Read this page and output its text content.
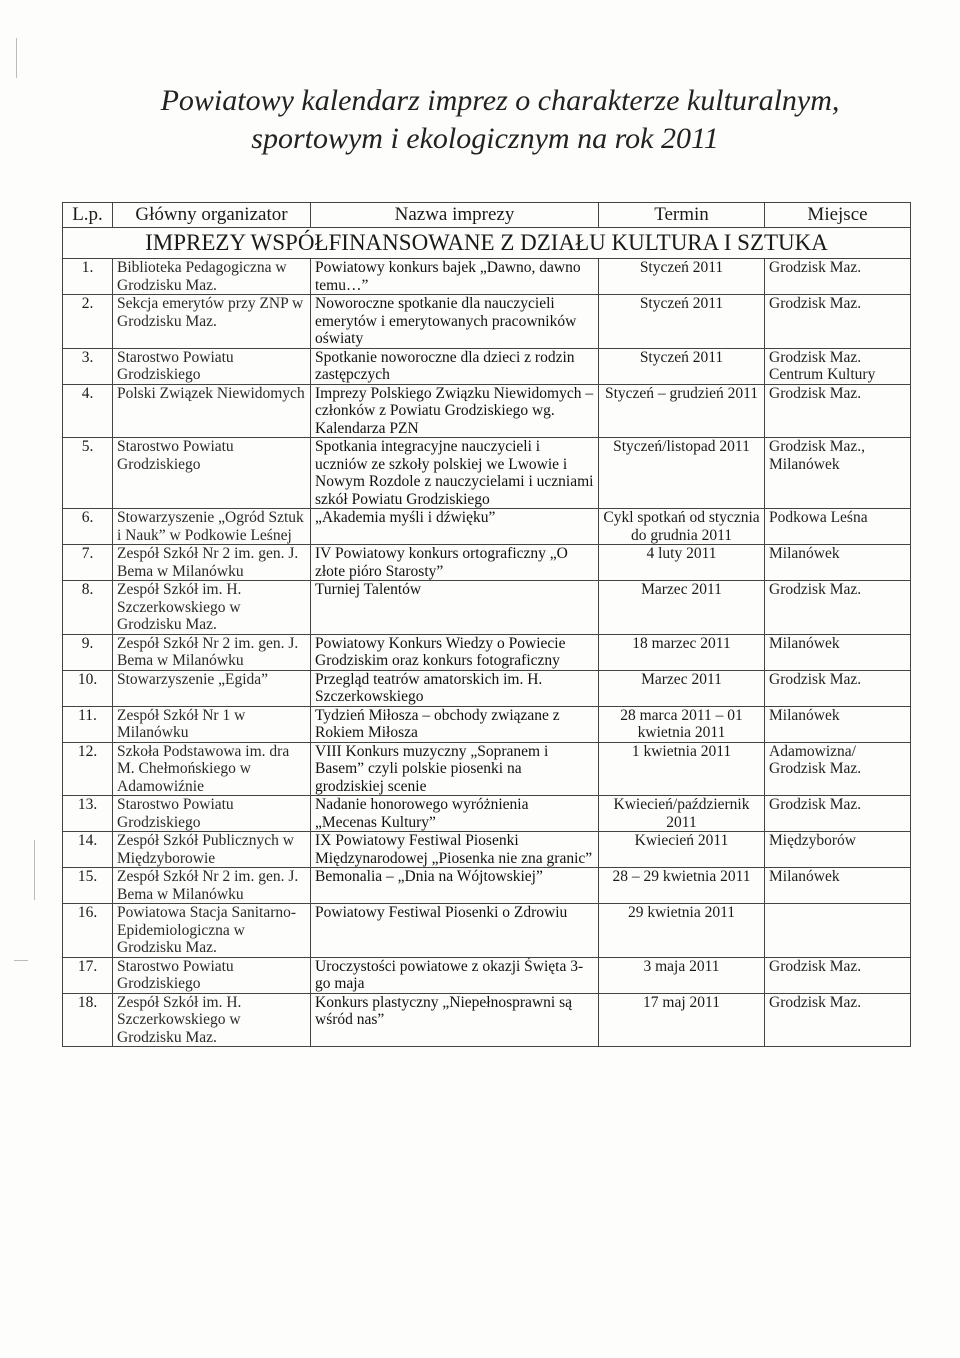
Powiatowy kalendarz imprez o charakterze kulturalnym,
sportowym i ekologicznym na rok 2011
L.p.	Główny organizator	Nazwa imprezy	Termin	Miejsce
IMPREZY WSPÓŁFINANSOWANE Z DZIAŁU KULTURA I SZTUKA				
1.	Biblioteka Pedagogiczna w Grodzisku Maz.	Powiatowy konkurs bajek „Dawno, dawno temu…”	Styczeń 2011	Grodzisk Maz.
2.	Sekcja emerytów przy ZNP w Grodzisku Maz.	Noworoczne spotkanie dla nauczycieli emerytów i emerytowanych pracowników oświaty	Styczeń 2011	Grodzisk Maz.
3.	Starostwo Powiatu Grodziskiego	Spotkanie noworoczne dla dzieci z rodzin zastępczych	Styczeń 2011	Grodzisk Maz. Centrum Kultury
4.	Polski Związek Niewidomych	Imprezy Polskiego Związku Niewidomych – członków z Powiatu Grodziskiego wg. Kalendarza PZN	Styczeń – grudzień 2011	Grodzisk Maz.
5.	Starostwo Powiatu Grodziskiego	Spotkania integracyjne nauczycieli i uczniów ze szkoły polskiej we Lwowie i Nowym Rozdole z nauczycielami i uczniami szkół Powiatu Grodziskiego	Styczeń/listopad 2011	Grodzisk Maz., Milanówek
6.	Stowarzyszenie „Ogród Sztuk i Nauk” w Podkowie Leśnej	„Akademia myśli i dźwięku”	Cykl spotkań od stycznia do grudnia 2011	Podkowa Leśna
7.	Zespół Szkół Nr 2 im. gen. J. Bema w Milanówku	IV Powiatowy konkurs ortograficzny „O złote pióro Starosty”	4 luty 2011	Milanówek
8.	Zespół Szkół im. H. Szczerkowskiego w Grodzisku Maz.	Turniej Talentów	Marzec 2011	Grodzisk Maz.
9.	Zespół Szkół Nr 2 im. gen. J. Bema w Milanówku	Powiatowy Konkurs Wiedzy o Powiecie Grodziskim oraz konkurs fotograficzny	18 marzec 2011	Milanówek
10.	Stowarzyszenie „Egida”	Przegląd teatrów amatorskich im. H. Szczerkowskiego	Marzec 2011	Grodzisk Maz.
11.	Zespół Szkół Nr 1 w Milanówku	Tydzień Miłosza – obchody związane z Rokiem Miłosza	28 marca 2011 – 01 kwietnia 2011	Milanówek
12.	Szkoła Podstawowa im. dra M. Chełmońskiego w Adamowiźnie	VIII Konkurs muzyczny „Sopranem i Basem” czyli polskie piosenki na grodziskiej scenie	1 kwietnia 2011	Adamowizna/ Grodzisk Maz.
13.	Starostwo Powiatu Grodziskiego	Nadanie honorowego wyróżnienia „Mecenas Kultury”	Kwiecień/październik 2011	Grodzisk Maz.
14.	Zespół Szkół Publicznych w Międzyborowie	IX Powiatowy Festiwal Piosenki Międzynarodowej „Piosenka nie zna granic”	Kwiecień 2011	Międzyborów
15.	Zespół Szkół Nr 2 im. gen. J. Bema w Milanówku	Bemonalia – „Dnia na Wójtowskiej”	28 – 29 kwietnia 2011	Milanówek
16.	Powiatowa Stacja Sanitarno-Epidemiologiczna w Grodzisku Maz.	Powiatowy Festiwal Piosenki o Zdrowiu	29 kwietnia 2011	
17.	Starostwo Powiatu Grodziskiego	Uroczystości powiatowe z okazji Święta 3-go maja	3 maja 2011	Grodzisk Maz.
18.	Zespół Szkół im. H. Szczerkowskiego w Grodzisku Maz.	Konkurs plastyczny „Niepełnosprawni są wśród nas”	17 maj 2011	Grodzisk Maz.
